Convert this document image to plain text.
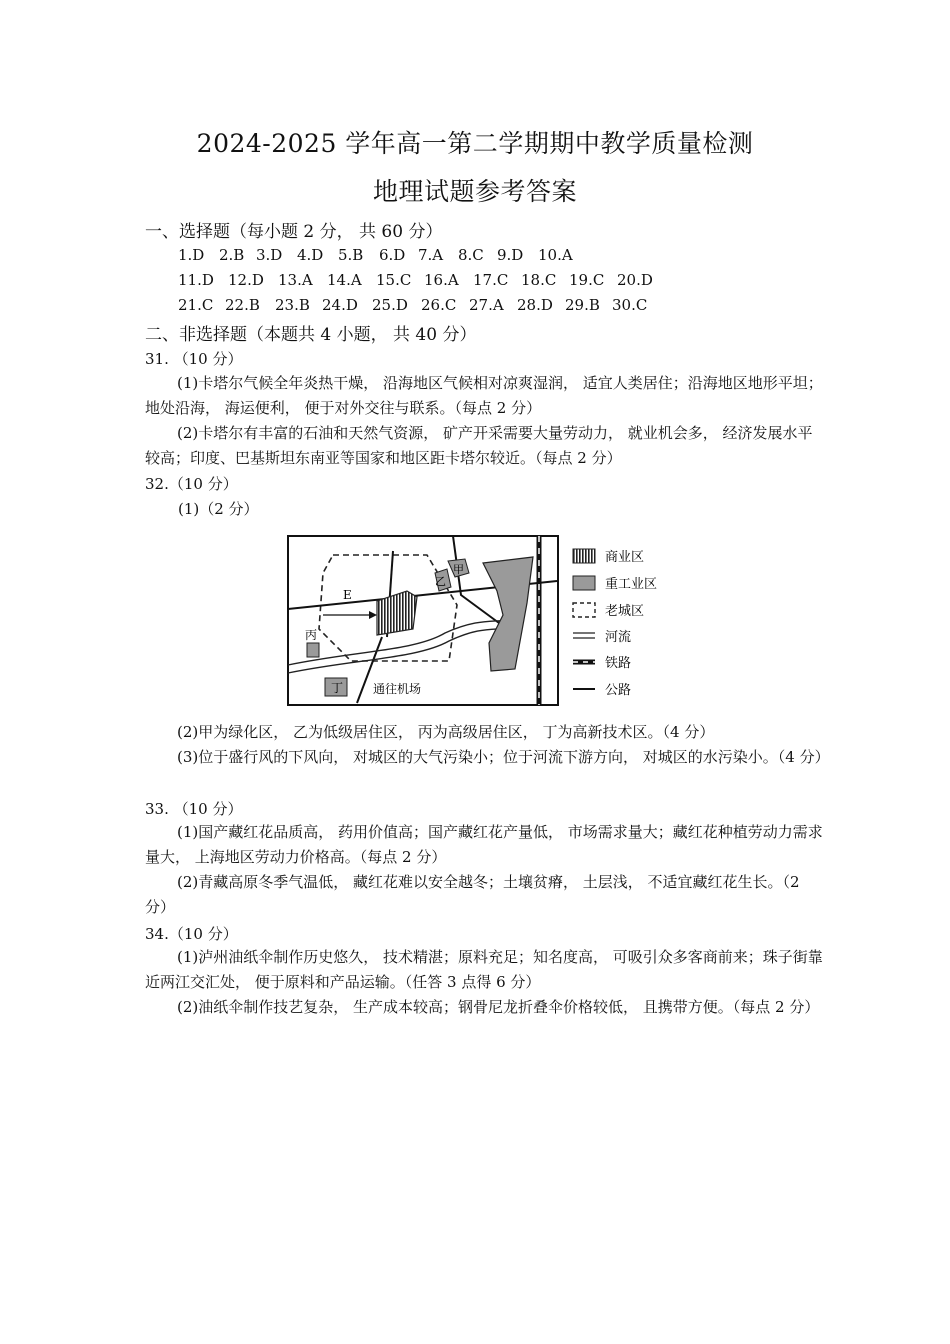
2024-2025 学年高一第二学期期中教学质量检测
地理试题参考答案
一、选择题（每小题 2 分， 共 60 分）
1.D 2.B 3.D 4.D 5.B 6.D 7.A 8.C 9.D 10.A
11.D 12.D 13.A 14.A 15.C 16.A 17.C 18.C 19.C 20.D
21.C 22.B 23.B 24.D 25.D 26.C 27.A 28.D 29.B 30.C
二、非选择题（本题共 4 小题， 共 40 分）
31. （10 分）
(1)卡塔尔气候全年炎热干燥， 沿海地区气候相对凉爽湿润， 适宜人类居住；沿海地区地形平坦；地处沿海， 海运便利， 便于对外交往与联系。（每点 2 分）
(2)卡塔尔有丰富的石油和天然气资源， 矿产开采需要大量劳动力， 就业机会多， 经济发展水平较高；印度、巴基斯坦东南亚等国家和地区距卡塔尔较近。（每点 2 分）
32.（10 分）
(1)（2 分）
甲
乙
丙
丁
E
通往机场
商业区
重工业区
老城区
河流
铁路
公路
(2)甲为绿化区， 乙为低级居住区， 丙为高级居住区， 丁为高新技术区。（4 分）
(3)位于盛行风的下风向， 对城区的大气污染小；位于河流下游方向， 对城区的水污染小。（4 分）
33. （10 分）
(1)国产藏红花品质高， 药用价值高；国产藏红花产量低， 市场需求量大；藏红花种植劳动力需求量大， 上海地区劳动力价格高。（每点 2 分）
(2)青藏高原冬季气温低， 藏红花难以安全越冬；土壤贫瘠， 土层浅， 不适宜藏红花生长。（2 分）
34.（10 分）
(1)泸州油纸伞制作历史悠久， 技术精湛；原料充足；知名度高， 可吸引众多客商前来；珠子街靠近两江交汇处， 便于原料和产品运输。（任答 3 点得 6 分）
(2)油纸伞制作技艺复杂， 生产成本较高；钢骨尼龙折叠伞价格较低， 且携带方便。（每点 2 分）
